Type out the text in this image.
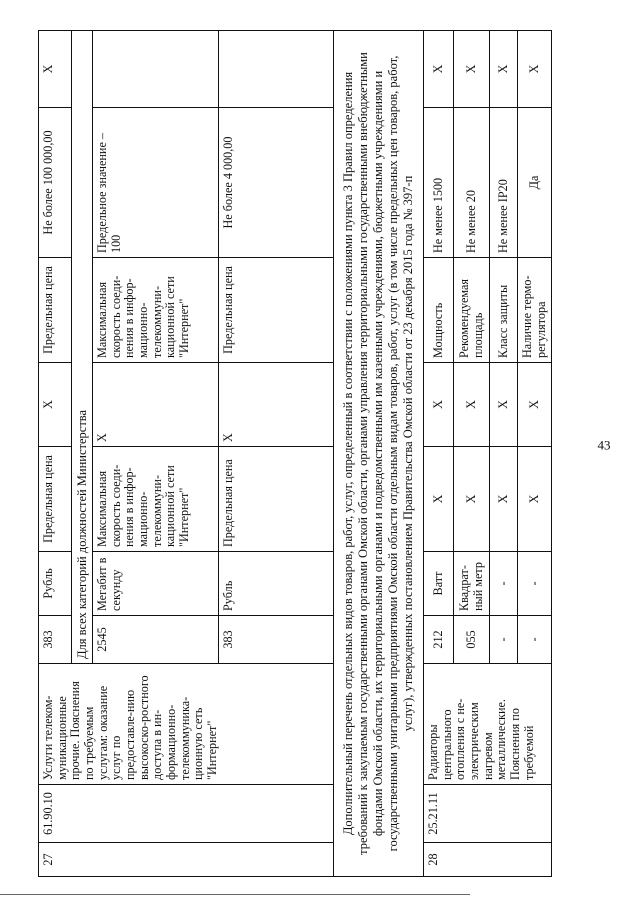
27	61.90.10	Услуги телеком-муникационные прочие. Пояснения по требуемым услугам: оказание услуг по предоставле-нию высокоско-ростного доступа в ин-формационно-телекоммуника-ционную сеть "Интернет"	383	Рубль	Предельная цена	Х	Предельная цена	Не более 100 000,00	Х
			Для всех категорий должностей Министерства						
			2545	Мегабит в секунду	Максимальная скорость соеди-нения в инфор-мационно-телекоммуни-кационной сети "Интернет"	Х	Максимальная скорость соеди-нения в инфор-мационно-телекоммуни-кационной сети "Интернет"	Предельное значение – 100	
			383	Рубль	Предельная цена	Х	Предельная цена	Не более 4 000,00	
Дополнительный перечень отдельных видов товаров, работ, услуг, определенный в соответствии с положениями пункта 3 Правил определения требований к закупаемым государственными органами Омской области, органами управления территориальными государственными внебюджетными фондами Омской области, их территориальными органами и подведомственными им казенными учреждениями, бюджетными учреждениями и государственными унитарными предприятиями Омской области отдельным видам товаров, работ, услуг (в том числе предельных цен товаров, работ, услуг), утвержденных постановлением Правительства Омской области от 23 декабря 2015 года № 397-п									
28	25.21.11	Радиаторы центрального отопления с не-электрическим нагревом металлические. Пояснения по требуемой	212	Ватт	Х	Х	Мощность	Не менее 1500	Х
			055	Квадрат-ный метр	Х	Х	Рекомендуемая площадь	Не менее 20	Х
			-	-	Х	Х	Класс защиты	Не менее IP20	Х
			-	-	Х	Х	Наличие термо-регулятора	Да	Х
43
